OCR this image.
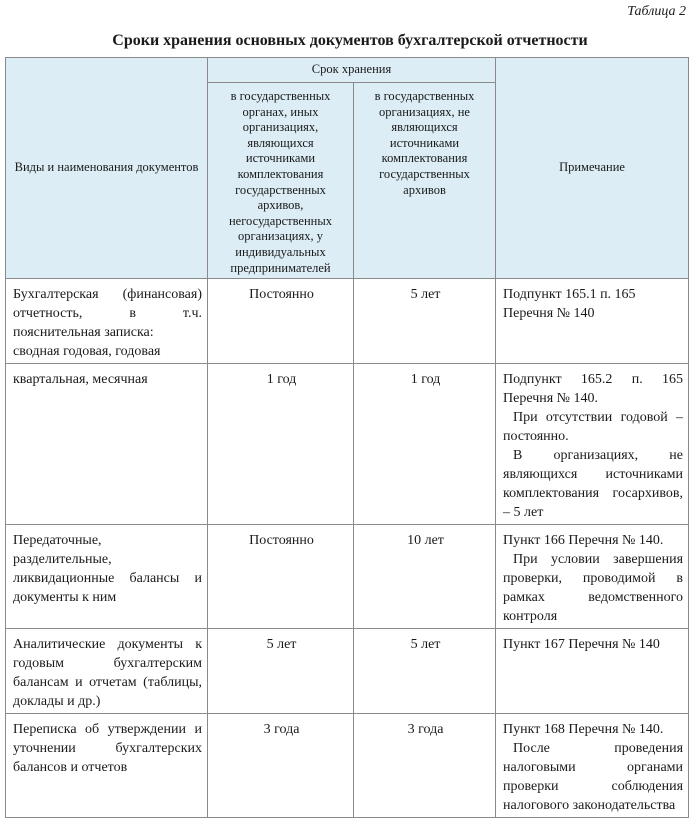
Таблица 2
Сроки хранения основных документов бухгалтерской отчетности
Виды и наименования документов	Срок хранения		Примечание
	в государственных органах, иных организациях, являющихся источниками комплектования государственных архивов, негосударственных организациях, у индивидуальных предпринимателей	в государственных организациях, не являющихся источниками комплектования государственных архивов	

Бухгалтерская (финансовая) отчетность, в т.ч. пояснительная записка:
сводная годовая, годовая	Постоянно	5 лет	Подпункт 165.1 п. 165 Перечня № 140

квартальная, месячная	1 год	1 год	Подпункт 165.2 п. 165 Перечня № 140.

При отсутствии годовой – постоянно.

В организациях, не являющихся источниками комплектования госархивов, – 5 лет

Передаточные, разделительные, ликвидационные балансы и документы к ним	Постоянно	10 лет	Пункт 166 Перечня № 140.

При условии завершения проверки, проводимой в рамках ведомственного контроля

Аналитические документы к годовым бухгалтерским балансам и отчетам (таблицы, доклады и др.)	5 лет	5 лет	Пункт 167 Перечня № 140

Переписка об утверждении и уточнении бухгалтерских балансов и отчетов	3 года	3 года	Пункт 168 Перечня № 140.

После проведения налоговыми органами проверки соблюдения налогового законодательства
